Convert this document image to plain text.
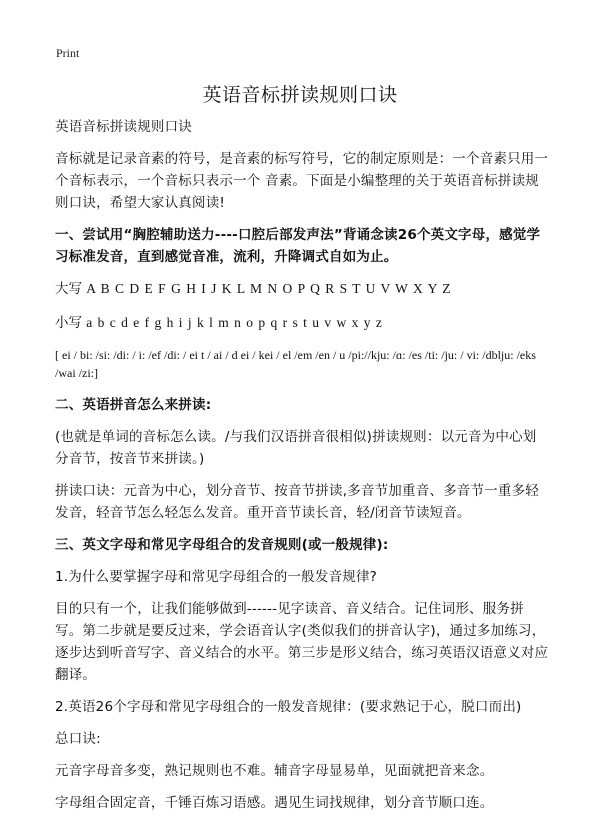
Print
英语音标拼读规则口诀
英语音标拼读规则口诀
音标就是记录音素的符号，是音素的标写符号，它的制定原则是：一个音素只用一个音标表示，一个音标只表示一个 音素。下面是小编整理的关于英语音标拼读规则口诀，希望大家认真阅读!
一、尝试用“胸腔辅助送力----口腔后部发声法”背诵念读26个英文字母，感觉学习标准发音，直到感觉音准，流利，升降调式自如为止。
大写 A B C D E F G H I J K L M N O P Q R S T U V W X Y Z
小写 a b c d e f g h i j k l m n o p q r s t u v w x y z
[ ei / bi: /si: /di: / i: /ef /di: / ei t / ai / d ei / kei / el /em /en / u /pi://kju: /ɑ: /es /ti: /ju: / vi: /dblju: /eks /wai /zi:]
二、英语拼音怎么来拼读:
(也就是单词的音标怎么读。/与我们汉语拼音很相似)拼读规则：以元音为中心划分音节，按音节来拼读。)
拼读口诀：元音为中心，划分音节、按音节拼读,多音节加重音、多音节一重多轻发音，轻音节怎么轻怎么发音。重开音节读长音，轻/闭音节读短音。
三、英文字母和常见字母组合的发音规则(或一般规律):
1.为什么要掌握字母和常见字母组合的一般发音规律?
目的只有一个，让我们能够做到------见字读音、音义结合。记住词形、服务拼写。第二步就是要反过来，学会语音认字(类似我们的拼音认字)，通过多加练习，逐步达到听音写字、音义结合的水平。第三步是形义结合，练习英语汉语意义对应翻译。
2.英语26个字母和常见字母组合的一般发音规律：(要求熟记于心，脱口而出)
总口诀:
元音字母音多变，熟记规则也不难。辅音字母显易单，见面就把音来念。
字母组合固定音，千锤百炼习语感。遇见生词找规律，划分音节顺口连。
